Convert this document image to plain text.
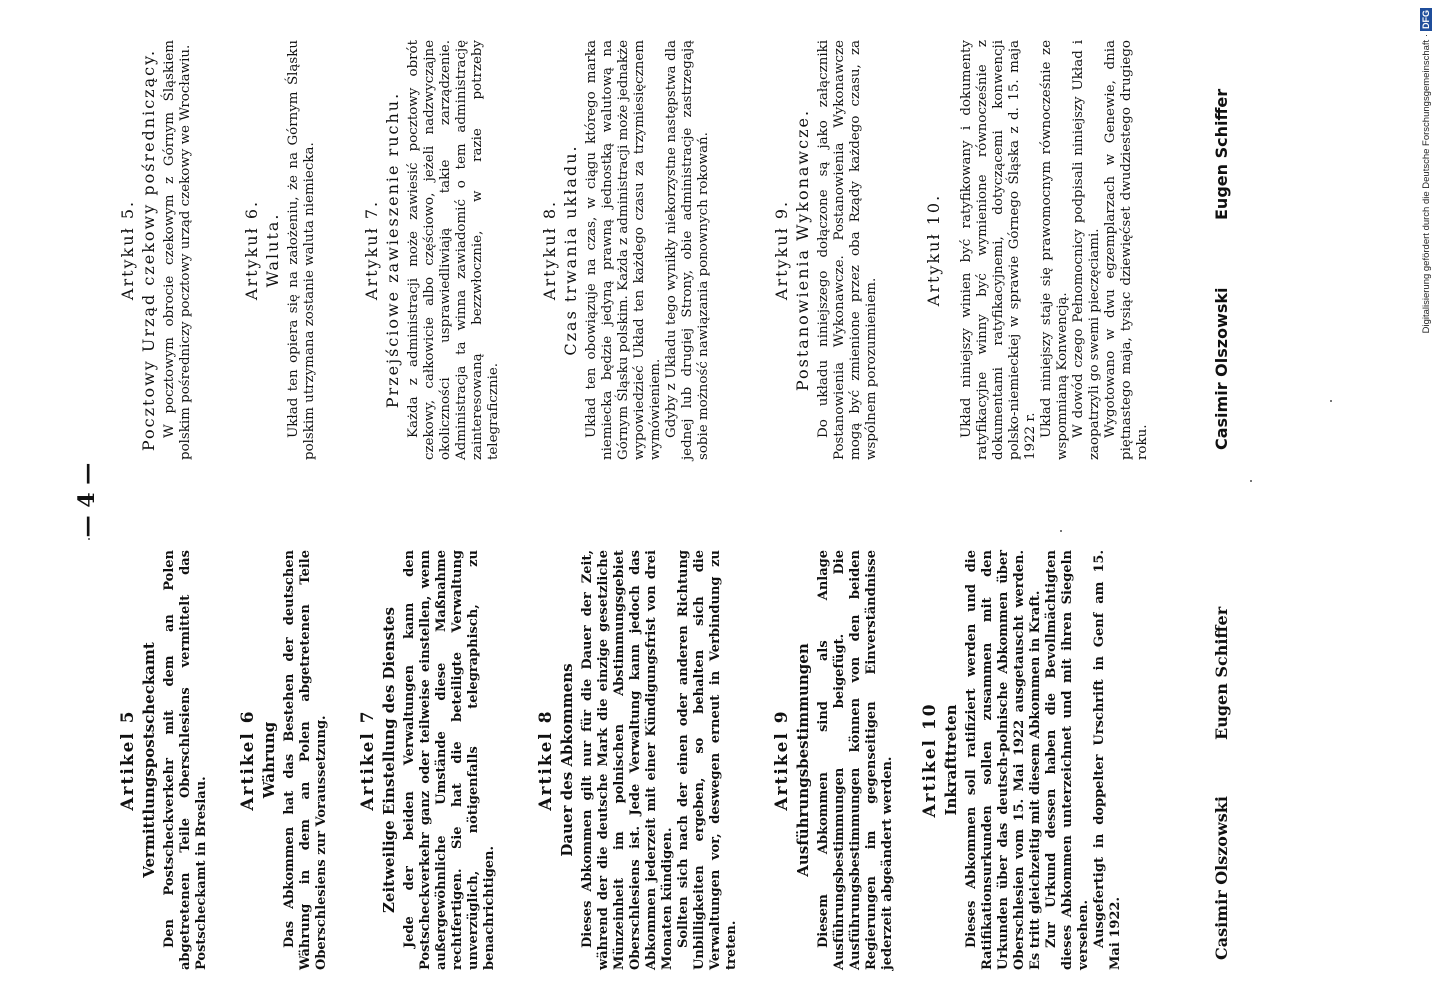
— 4 —
Artikel 5 Vermittlungspostscheckamt Den Postscheckverkehr mit dem an Polen abgetretenen Teile Oberschlesiens vermittelt das Postscheckamt in Breslau.

Artikel 6 Währung Das Abkommen hat das Bestehen der deutschen Währung in dem an Polen abgetretenen Teile Oberschlesiens zur Voraussetzung. Artikel 7 Zeitweilige Einstellung des Dienstes Jede der beiden Verwaltungen kann den Postscheckverkehr ganz oder teilweise einstellen, wenn außergewöhnliche Umstände diese Maßnahme rechtfertigen. Sie hat die beteiligte Verwaltung unverzüglich, nötigenfalls telegraphisch, zu benachrichtigen.

Artikel 8 Dauer des Abkommens Dieses Abkommen gilt nur für die Dauer der Zeit, während der die deutsche Mark die einzige gesetzliche Münzeinheit im polnischen Abstimmungsgebiet Oberschlesiens ist. Jede Verwaltung kann jedoch das Abkommen jederzeit mit einer Kündigungsfrist von drei Monaten kündigen. Sollten sich nach der einen oder anderen Richtung Unbilligkeiten ergeben, so behalten sich die Verwaltungen vor, deswegen erneut in Verbindung zu treten.

Artikel 9 Ausführungsbestimmungen Diesem Abkommen sind als Anlage Ausführungsbestimmungen beigefügt. Die Ausführungsbestimmungen können von den beiden Regierungen im gegenseitigen Einverständnisse jederzeit abgeändert werden. Artikel 10 Inkrafttreten Dieses Abkommen soll ratifiziert werden und die Ratifikationsurkunden sollen zusammen mit den Urkunden über das deutsch-polnische Abkommen über Oberschlesien vom 15. Mai 1922 ausgetauscht werden. Es tritt gleichzeitig mit diesem Abkommen in Kraft. Zur Urkund dessen haben die Bevollmächtigten dieses Abkommen unterzeichnet und mit ihren Siegeln versehen. Ausgefertigt in doppelter Urschrift in Genf am 15. Mai 1922.	Casimir Olszowski
Eugen Schiffer
Artykuł 5. Pocztowy Urząd czekowy pośredniczący. W pocztowym obrocie czekowym z Górnym Śląskiem polskim pośredniczy pocztowy urząd czekowy we Wrocławiu.	Artykuł 6. Waluta. Układ ten opiera się na założeniu, że na Górnym Śląsku polskim utrzymana zostanie waluta niemiecka.	Artykuł 7. Przejściowe zawieszenie ruchu. Każda z administracji może zawiesić pocztowy obrót czekowy, całkowicie albo częściowo, jeżeli nadzwyczajne okoliczności usprawiedliwiają takie zarządzenie. Administracja ta winna zawiadomić o tem administrację zainteresowaną bezzwłocznie, w razie potrzeby telegraficznie.

Artykuł 8. Czas trwania układu. Układ ten obowiązuje na czas, w ciągu którego marka niemiecka będzie jedyną prawną jednostką walutową na Górnym Śląsku polskim. Każda z administracji może jednakże wypowiedzieć Układ ten każdego czasu za trzymiesięcznem wymówieniem. Gdyby z Układu tego wynikły niekorzystne następstwa dla jednej lub drugiej Strony, obie administracje zastrzegają sobie możność nawiązania ponownych rokowań.	Artykuł 9. Postanowienia Wykonawcze. Do układu niniejszego dołączone są jako załączniki Postanowienia Wykonawcze. Postanowienia Wykonawcze mogą być zmienione przez oba Rządy każdego czasu, za wspólnem porozumieniem.

Artykuł 10. Układ niniejszy winien być ratyfikowany i dokumenty ratyfikacyjne winny być wymienione równocześnie z dokumentami ratyfikacyjnemi, dotyczącemi konwencji polsko-niemieckiej w sprawie Górnego Śląska z d. 15. maja 1922 r. Układ niniejszy staje się prawomocnym równocześnie ze wspomnianą Konwencją. W dowód czego Pełnomocnicy podpisali niniejszy Układ i zaopatrzyli go swemi pieczęciami. Wygotowano w dwu egzemplarzach w Genewie, dnia piętnastego maja, tysiąc dziewięćset dwudziestego drugiego roku.	Casimir Olszowski
Eugen Schiffer	Digitalisierung gefördert durch die Deutsche Forschungsgemeinschaft ·DFG
